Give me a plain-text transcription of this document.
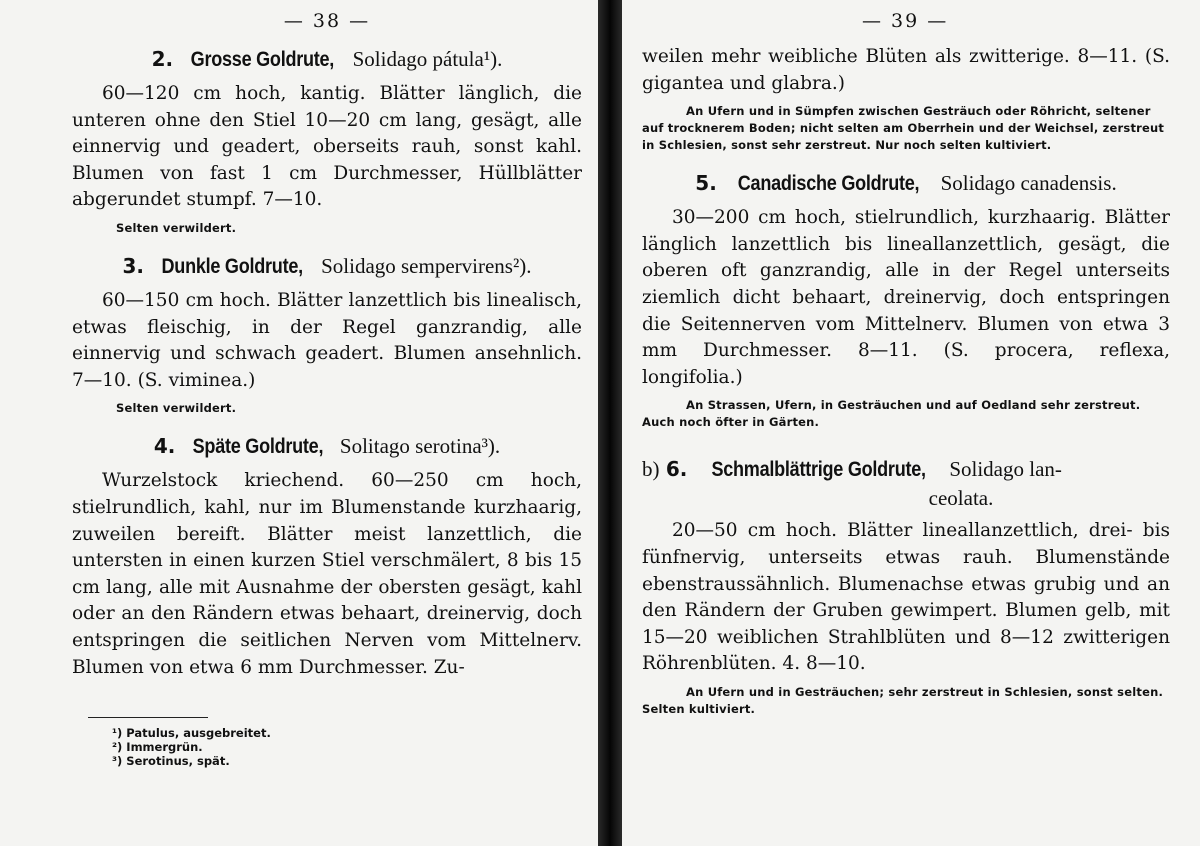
— 38 —
2. Grosse Goldrute, Solidago pátula¹).

60—120 cm hoch, kantig. Blätter länglich, die unteren ohne den Stiel 10—20 cm lang, gesägt, alle einnervig und geadert, oberseits rauh, sonst kahl. Blumen von fast 1 cm Durchmesser, Hüllblätter abgerundet stumpf. 7—10.

Selten verwildert.
3. Dunkle Goldrute, Solidago sempervirens²).

60—150 cm hoch. Blätter lanzettlich bis linealisch, etwas fleischig, in der Regel ganzrandig, alle einnervig und schwach geadert. Blumen ansehnlich. 7—10. (S. viminea.)

Selten verwildert.
4. Späte Goldrute, Solitago serotina³).

Wurzelstock kriechend. 60—250 cm hoch, stielrundlich, kahl, nur im Blumenstande kurzhaarig, zuweilen bereift. Blätter meist lanzettlich, die untersten in einen kurzen Stiel verschmälert, 8 bis 15 cm lang, alle mit Ausnahme der obersten gesägt, kahl oder an den Rändern etwas behaart, dreinervig, doch entspringen die seitlichen Nerven vom Mittelnerv. Blumen von etwa 6 mm Durchmesser. Zu-

¹) Patulus, ausgebreitet.
²) Immergrün.
³) Serotinus, spät.
— 39 —

weilen mehr weibliche Blüten als zwitterige. 8—11. (S. gigantea und glabra.)

An Ufern und in Sümpfen zwischen Gesträuch oder Röhricht, seltener auf trocknerem Boden; nicht selten am Oberrhein und der Weichsel, zerstreut in Schlesien, sonst sehr zerstreut. Nur noch selten kultiviert.
5. Canadische Goldrute, Solidago canadensis.

30—200 cm hoch, stielrundlich, kurzhaarig. Blätter länglich lanzettlich bis lineallanzettlich, gesägt, die oberen oft ganzrandig, alle in der Regel unterseits ziemlich dicht behaart, dreinervig, doch entspringen die Seitennerven vom Mittelnerv. Blumen von etwa 3 mm Durchmesser. 8—11. (S. procera, reflexa, longifolia.)

An Strassen, Ufern, in Gesträuchen und auf Oedland sehr zerstreut. Auch noch öfter in Gärten.
b) 6. Schmalblättrige Goldrute, Solidago lan-
ceolata.

20—50 cm hoch. Blätter lineallanzettlich, drei- bis fünfnervig, unterseits etwas rauh. Blumenstände ebenstraussähnlich. Blumenachse etwas grubig und an den Rändern der Gruben gewimpert. Blumen gelb, mit 15—20 weiblichen Strahlblüten und 8—12 zwitterigen Röhrenblüten. 4. 8—10.

An Ufern und in Gesträuchen; sehr zerstreut in Schlesien, sonst selten. Selten kultiviert.
